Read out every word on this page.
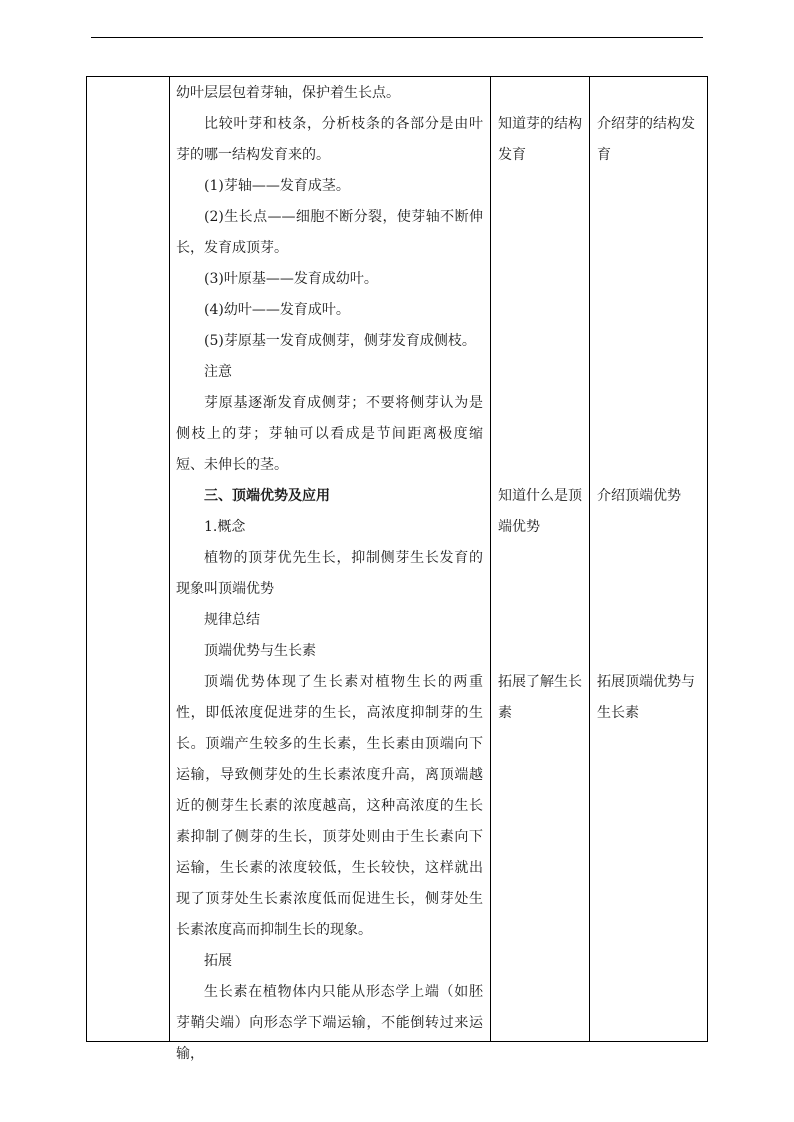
幼叶层层包着芽轴，保护着生长点。

比较叶芽和枝条，分析枝条的各部分是由叶芽的哪一结构发育来的。

(1)芽轴——发育成茎。

(2)生长点——细胞不断分裂，使芽轴不断伸长，发育成顶芽。

(3)叶原基——发育成幼叶。

(4)幼叶——发育成叶。

(5)芽原基一发育成侧芽，侧芽发育成侧枝。

注意

芽原基逐渐发育成侧芽；不要将侧芽认为是侧枝上的芽；芽轴可以看成是节间距离极度缩短、未伸长的茎。

三、顶端优势及应用

1.概念

植物的顶芽优先生长，抑制侧芽生长发育的现象叫顶端优势

规律总结

顶端优势与生长素

顶端优势体现了生长素对植物生长的两重性，即低浓度促进芽的生长，高浓度抑制芽的生长。顶端产生较多的生长素，生长素由顶端向下运输，导致侧芽处的生长素浓度升高，离顶端越近的侧芽生长素的浓度越高，这种高浓度的生长素抑制了侧芽的生长，顶芽处则由于生长素向下运输，生长素的浓度较低，生长较快，这样就出现了顶芽处生长素浓度低而促进生长，侧芽处生长素浓度高而抑制生长的现象。

拓展

生长素在植物体内只能从形态学上端（如胚芽鞘尖端）向形态学下端运输，不能倒转过来运输，

知道芽的结构发育

介绍芽的结构发育

知道什么是顶端优势

介绍顶端优势

拓展了解生长素

拓展顶端优势与生长素
